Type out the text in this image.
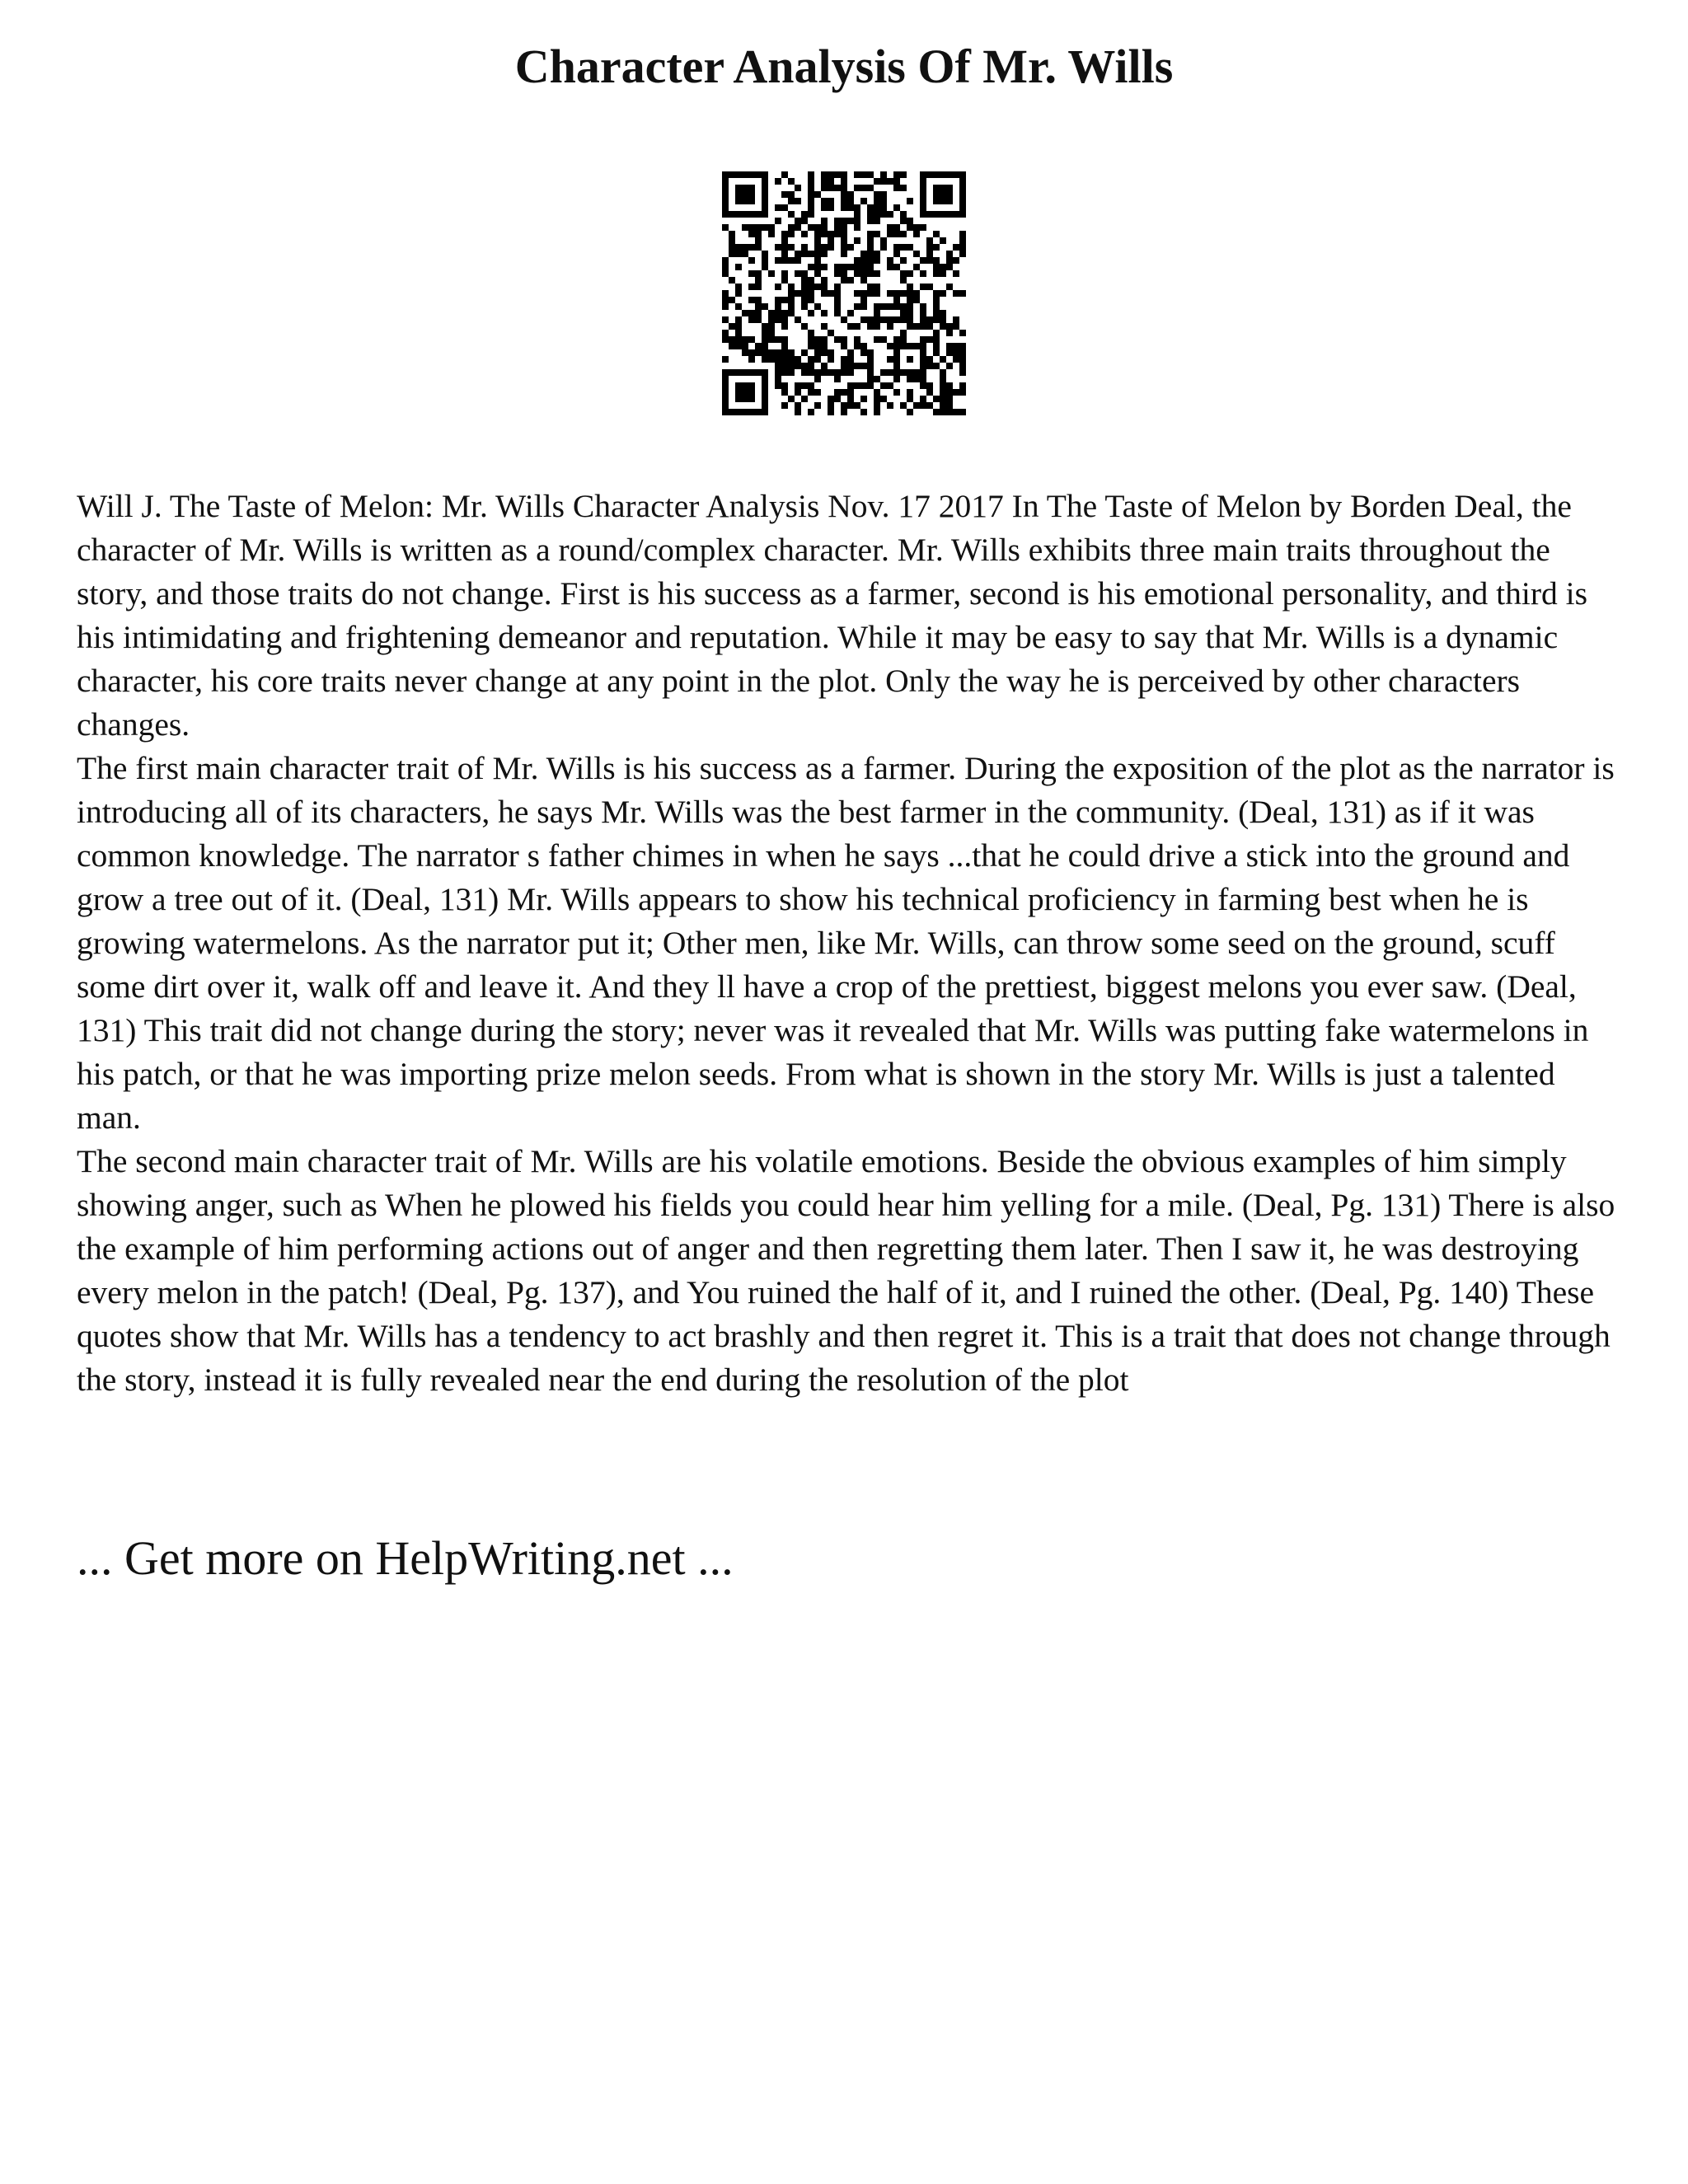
Character Analysis Of Mr. Wills

Will J. The Taste of Melon: Mr. Wills Character Analysis Nov. 17 2017 In The Taste of Melon by Borden Deal, the character of Mr. Wills is written as a round/complex character. Mr. Wills exhibits three main traits throughout the story, and those traits do not change. First is his success as a farmer, second is his emotional personality, and third is his intimidating and frightening demeanor and reputation. While it may be easy to say that Mr. Wills is a dynamic character, his core traits never change at any point in the plot. Only the way he is perceived by other characters changes.

The first main character trait of Mr. Wills is his success as a farmer. During the exposition of the plot as the narrator is introducing all of its characters, he says Mr. Wills was the best farmer in the community. (Deal, 131) as if it was common knowledge. The narrator s father chimes in when he says ...that he could drive a stick into the ground and grow a tree out of it. (Deal, 131) Mr. Wills appears to show his technical proficiency in farming best when he is growing watermelons. As the narrator put it; Other men, like Mr. Wills, can throw some seed on the ground, scuff some dirt over it, walk off and leave it. And they ll have a crop of the prettiest, biggest melons you ever saw. (Deal, 131) This trait did not change during the story; never was it revealed that Mr. Wills was putting fake watermelons in his patch, or that he was importing prize melon seeds. From what is shown in the story Mr. Wills is just a talented man.

The second main character trait of Mr. Wills are his volatile emotions. Beside the obvious examples of him simply showing anger, such as When he plowed his fields you could hear him yelling for a mile. (Deal, Pg. 131) There is also the example of him performing actions out of anger and then regretting them later. Then I saw it, he was destroying every melon in the patch! (Deal, Pg. 137), and You ruined the half of it, and I ruined the other. (Deal, Pg. 140) These quotes show that Mr. Wills has a tendency to act brashly and then regret it. This is a trait that does not change through the story, instead it is fully revealed near the end during the resolution of the plot

... Get more on HelpWriting.net ...
